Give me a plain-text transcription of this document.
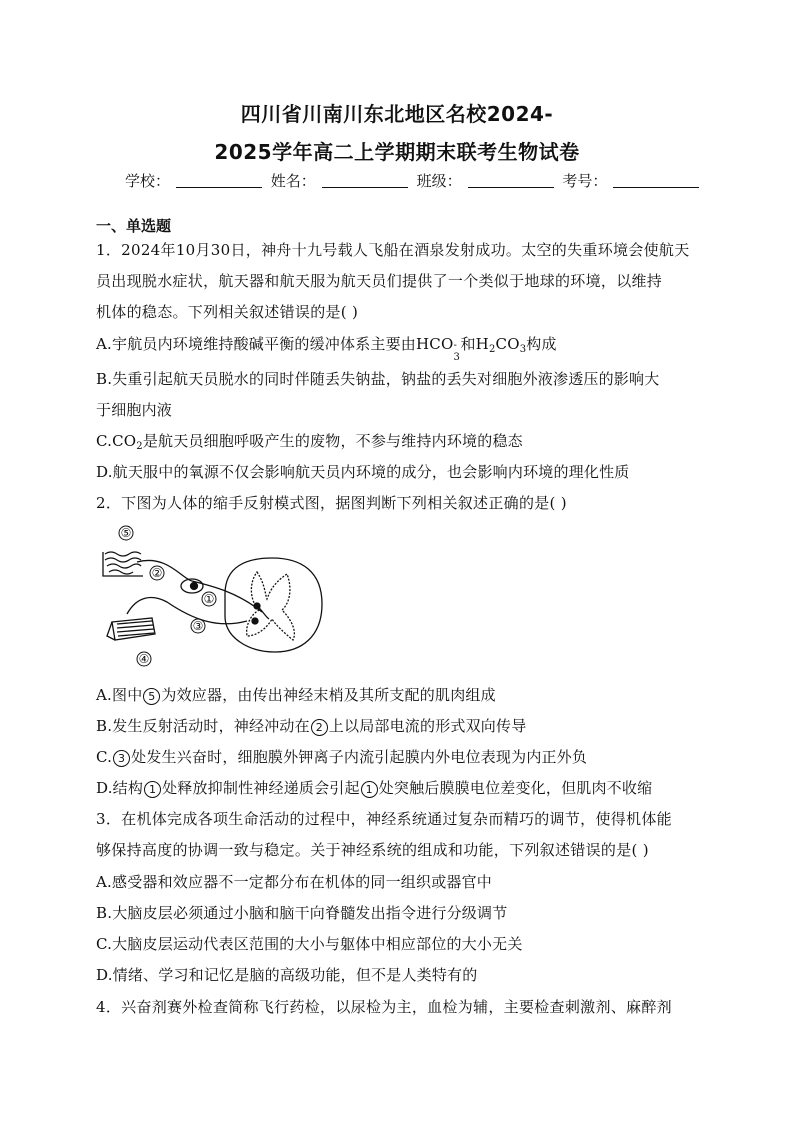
四川省川南川东北地区名校2024-
2025学年高二上学期期末联考生物试卷
学校：	姓名：	班级：	考号：
一、单选题
1．2024年10月30日，神舟十九号载人飞船在酒泉发射成功。太空的失重环境会使航天
员出现脱水症状，航天器和航天服为航天员们提供了一个类似于地球的环境，以维持
机体的稳态。下列相关叙述错误的是( )
A.宇航员内环境维持酸碱平衡的缓冲体系主要由HCO -
3
和$H_2CO_3$构成
B.失重引起航天员脱水的同时伴随丢失钠盐，钠盐的丢失对细胞外液渗透压的影响大
于细胞内液
$C.CO_2$是航天员细胞呼吸产生的废物，不参与维持内环境的稳态
D.航天服中的氧源不仅会影响航天员内环境的成分，也会影响内环境的理化性质
2．下图为人体的缩手反射模式图，据图判断下列相关叙述正确的是( )
⑤
②
①
③
④
A.图中 5 为效应器，由传出神经末梢及其所支配的肌肉组成
B.发生反射活动时，神经冲动在 2 上以局部电流的形式双向传导
C. 3 处发生兴奋时，细胞膜外钾离子内流引起膜内外电位表现为内正外负
D.结构 1 处释放抑制性神经递质会引起 1 处突触后膜膜电位差变化，但肌肉不收缩
3．在机体完成各项生命活动的过程中，神经系统通过复杂而精巧的调节，使得机体能
够保持高度的协调一致与稳定。关于神经系统的组成和功能，下列叙述错误的是( )
A.感受器和效应器不一定都分布在机体的同一组织或器官中
B.大脑皮层必须通过小脑和脑干向脊髓发出指令进行分级调节
C.大脑皮层运动代表区范围的大小与躯体中相应部位的大小无关
D.情绪、学习和记忆是脑的高级功能，但不是人类特有的
4．兴奋剂赛外检查简称飞行药检，以尿检为主，血检为辅，主要检查刺激剂、麻醉剂
